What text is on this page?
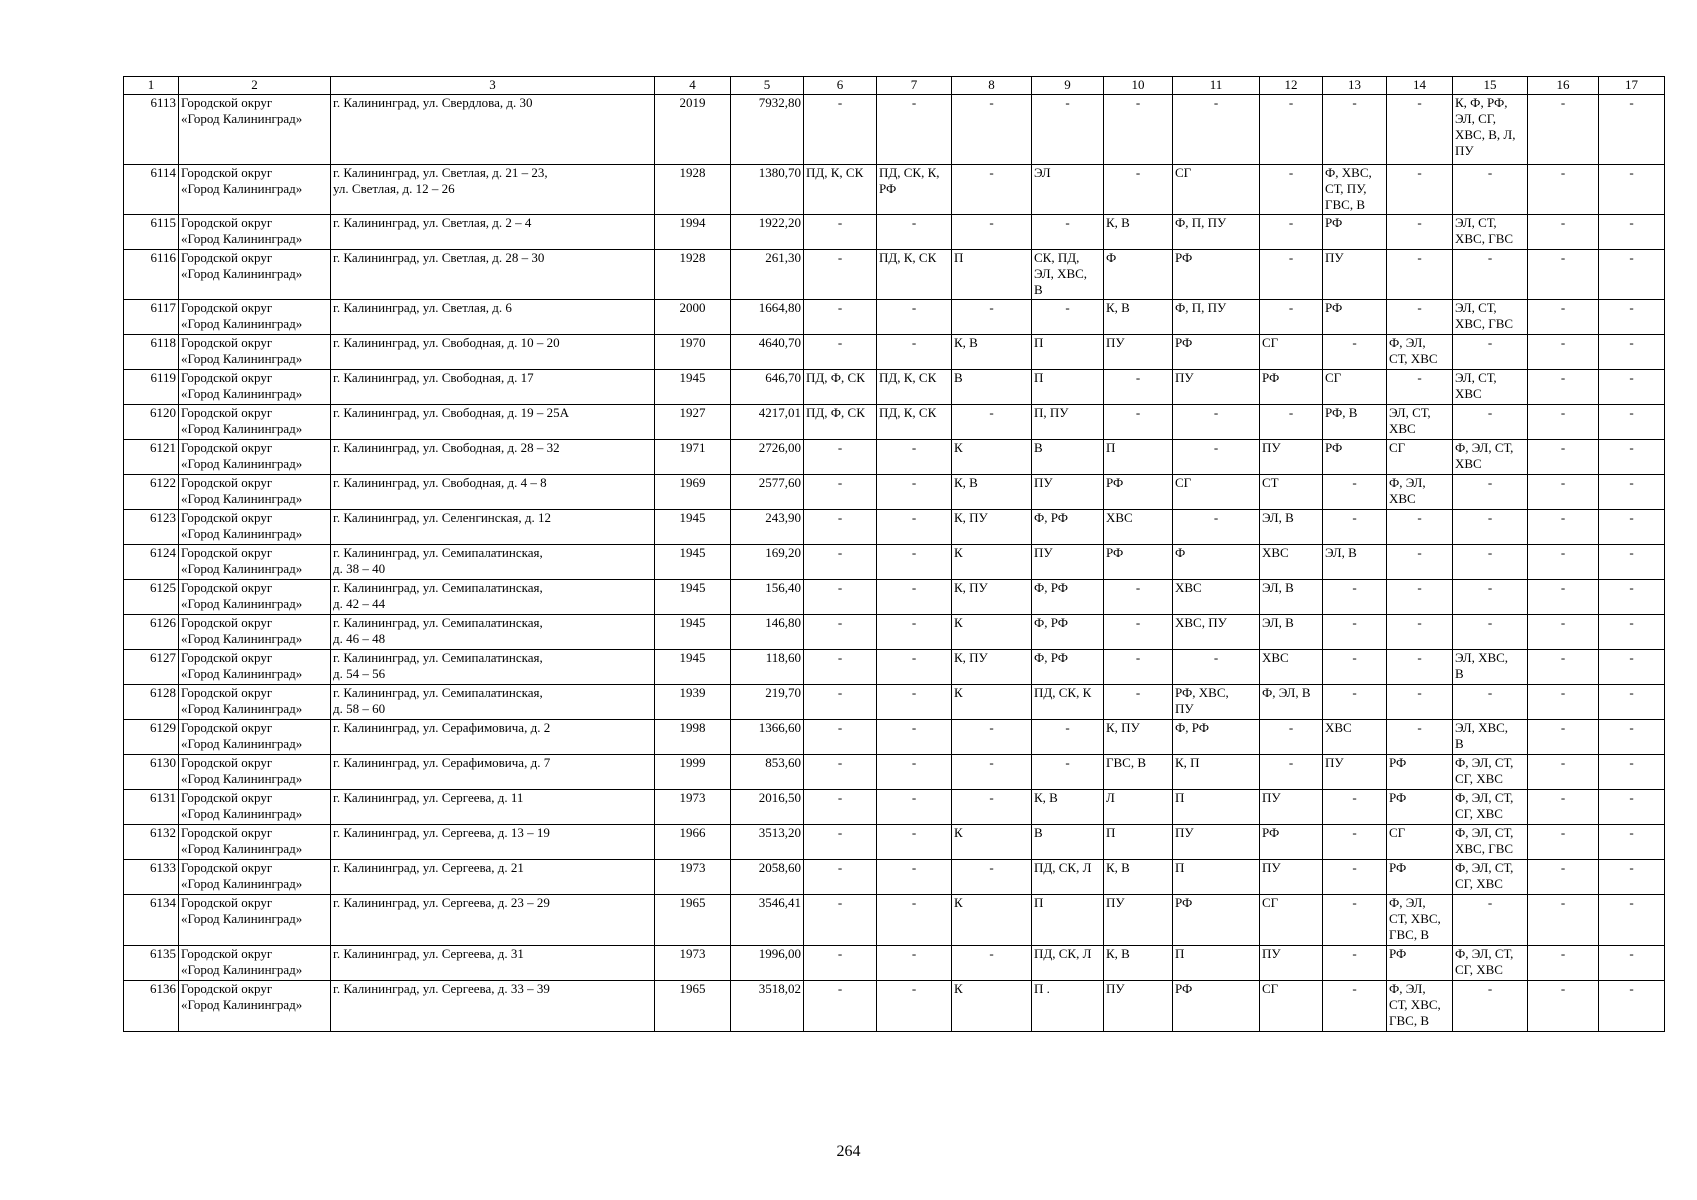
1	2	3	4	5	6	7	8	9	10	11	12	13	14	15	16	17
6113	Городской округ
«Город Калининград»	г. Калининград, ул. Свердлова, д. 30	2019	7932,80	-	-	-	-	-	-	-	-	-	К, Ф, РФ,
ЭЛ, СГ,
ХВС, В, Л,
ПУ	-	-
6114	Городской округ
«Город Калининград»	г. Калининград, ул. Светлая, д. 21 – 23,
ул. Светлая, д. 12 – 26	1928	1380,70	ПД, К, СК	ПД, СК, К,
РФ	-	ЭЛ	-	СГ	-	Ф, ХВС,
СТ, ПУ,
ГВС, В	-	-	-	-
6115	Городской округ
«Город Калининград»	г. Калининград, ул. Светлая, д. 2 – 4	1994	1922,20	-	-	-	-	К, В	Ф, П, ПУ	-	РФ	-	ЭЛ, СТ,
ХВС, ГВС	-	-
6116	Городской округ
«Город Калининград»	г. Калининград, ул. Светлая, д. 28 – 30	1928	261,30	-	ПД, К, СК	П	СК, ПД,
ЭЛ, ХВС,
В	Ф	РФ	-	ПУ	-	-	-	-
6117	Городской округ
«Город Калининград»	г. Калининград, ул. Светлая, д. 6	2000	1664,80	-	-	-	-	К, В	Ф, П, ПУ	-	РФ	-	ЭЛ, СТ,
ХВС, ГВС	-	-
6118	Городской округ
«Город Калининград»	г. Калининград, ул. Свободная, д. 10 – 20	1970	4640,70	-	-	К, В	П	ПУ	РФ	СГ	-	Ф, ЭЛ,
СТ, ХВС	-	-	-
6119	Городской округ
«Город Калининград»	г. Калининград, ул. Свободная, д. 17	1945	646,70	ПД, Ф, СК	ПД, К, СК	В	П	-	ПУ	РФ	СГ	-	ЭЛ, СТ,
ХВС	-	-
6120	Городской округ
«Город Калининград»	г. Калининград, ул. Свободная, д. 19 – 25А	1927	4217,01	ПД, Ф, СК	ПД, К, СК	-	П, ПУ	-	-	-	РФ, В	ЭЛ, СТ,
ХВС	-	-	-
6121	Городской округ
«Город Калининград»	г. Калининград, ул. Свободная, д. 28 – 32	1971	2726,00	-	-	К	В	П	-	ПУ	РФ	СГ	Ф, ЭЛ, СТ,
ХВС	-	-
6122	Городской округ
«Город Калининград»	г. Калининград, ул. Свободная, д. 4 – 8	1969	2577,60	-	-	К, В	ПУ	РФ	СГ	СТ	-	Ф, ЭЛ,
ХВС	-	-	-
6123	Городской округ
«Город Калининград»	г. Калининград, ул. Селенгинская, д. 12	1945	243,90	-	-	К, ПУ	Ф, РФ	ХВС	-	ЭЛ, В	-	-	-	-	-
6124	Городской округ
«Город Калининград»	г. Калининград, ул. Семипалатинская,
д. 38 – 40	1945	169,20	-	-	К	ПУ	РФ	Ф	ХВС	ЭЛ, В	-	-	-	-
6125	Городской округ
«Город Калининград»	г. Калининград, ул. Семипалатинская,
д. 42 – 44	1945	156,40	-	-	К, ПУ	Ф, РФ	-	ХВС	ЭЛ, В	-	-	-	-	-
6126	Городской округ
«Город Калининград»	г. Калининград, ул. Семипалатинская,
д. 46 – 48	1945	146,80	-	-	К	Ф, РФ	-	ХВС, ПУ	ЭЛ, В	-	-	-	-	-
6127	Городской округ
«Город Калининград»	г. Калининград, ул. Семипалатинская,
д. 54 – 56	1945	118,60	-	-	К, ПУ	Ф, РФ	-	-	ХВС	-	-	ЭЛ, ХВС,
В	-	-
6128	Городской округ
«Город Калининград»	г. Калининград, ул. Семипалатинская,
д. 58 – 60	1939	219,70	-	-	К	ПД, СК, К	-	РФ, ХВС,
ПУ	Ф, ЭЛ, В	-	-	-	-	-
6129	Городской округ
«Город Калининград»	г. Калининград, ул. Серафимовича, д. 2	1998	1366,60	-	-	-	-	К, ПУ	Ф, РФ	-	ХВС	-	ЭЛ, ХВС,
В	-	-
6130	Городской округ
«Город Калининград»	г. Калининград, ул. Серафимовича, д. 7	1999	853,60	-	-	-	-	ГВС, В	К, П	-	ПУ	РФ	Ф, ЭЛ, СТ,
СГ, ХВС	-	-
6131	Городской округ
«Город Калининград»	г. Калининград, ул. Сергеева, д. 11	1973	2016,50	-	-	-	К, В	Л	П	ПУ	-	РФ	Ф, ЭЛ, СТ,
СГ, ХВС	-	-
6132	Городской округ
«Город Калининград»	г. Калининград, ул. Сергеева, д. 13 – 19	1966	3513,20	-	-	К	В	П	ПУ	РФ	-	СГ	Ф, ЭЛ, СТ,
ХВС, ГВС	-	-
6133	Городской округ
«Город Калининград»	г. Калининград, ул. Сергеева, д. 21	1973	2058,60	-	-	-	ПД, СК, Л	К, В	П	ПУ	-	РФ	Ф, ЭЛ, СТ,
СГ, ХВС	-	-
6134	Городской округ
«Город Калининград»	г. Калининград, ул. Сергеева, д. 23 – 29	1965	3546,41	-	-	К	П	ПУ	РФ	СГ	-	Ф, ЭЛ,
СТ, ХВС,
ГВС, В	-	-	-
6135	Городской округ
«Город Калининград»	г. Калининград, ул. Сергеева, д. 31	1973	1996,00	-	-	-	ПД, СК, Л	К, В	П	ПУ	-	РФ	Ф, ЭЛ, СТ,
СГ, ХВС	-	-
6136	Городской округ
«Город Калининград»	г. Калининград, ул. Сергеева, д. 33 – 39	1965	3518,02	-	-	К	П .	ПУ	РФ	СГ	-	Ф, ЭЛ,
СТ, ХВС,
ГВС, В	-	-	-
264
